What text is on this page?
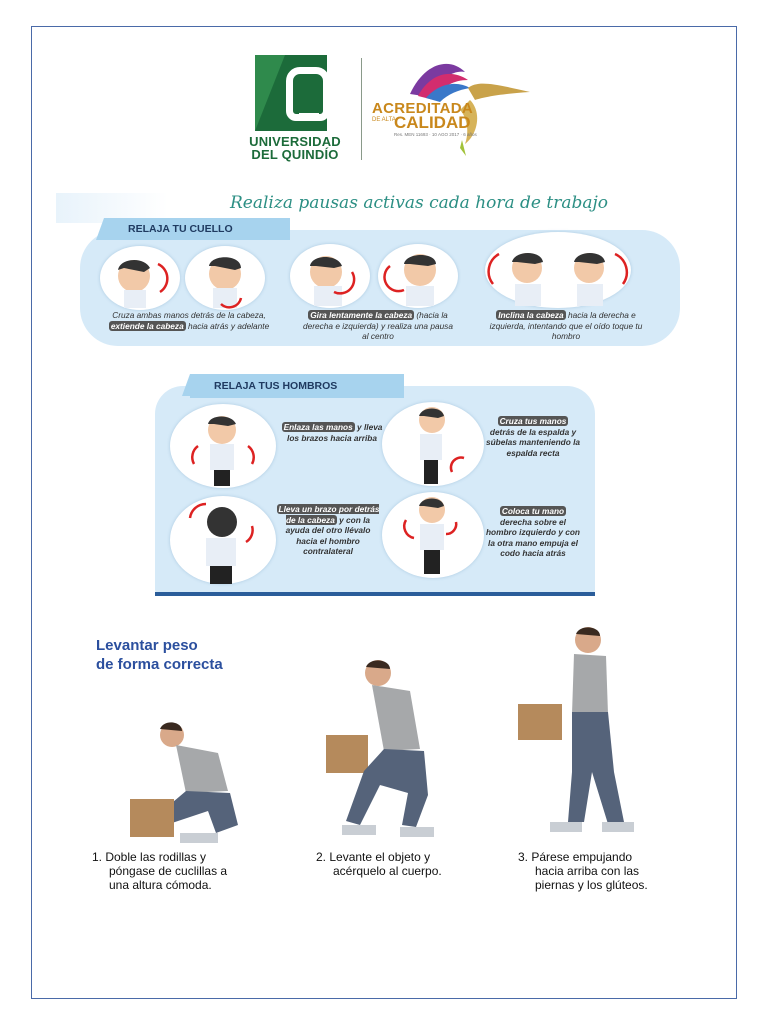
UNIVERSIDAD
DEL QUINDÍO
ACREDITADA
DE ALTA
CALIDAD
Res. MEN 11693 · 10 AGO 2017 · 6 años
Realiza pausas activas cada hora de trabajo
RELAJA TU CUELLO
Cruza ambas manos detrás de la cabeza, extiende la cabeza hacia atrás y adelante
Gira lentamente la cabeza (hacia la derecha e izquierda) y realiza una pausa al centro
Inclina la cabeza hacia la derecha e izquierda, intentando que el oído toque tu hombro
RELAJA TUS HOMBROS
Enlaza las manos y lleva los brazos hacia arriba
Cruza tus manos detrás de la espalda y súbelas manteniendo la espalda recta
Lleva un brazo por detrás de la cabeza y con la ayuda del otro llévalo hacia el hombro contralateral
Coloca tu mano derecha sobre el hombro izquierdo y con la otra mano empuja el codo hacia atrás
Levantar peso
de forma correcta
1. Doble las rodillas y
póngase de cuclillas a
una altura cómoda.
2. Levante el objeto y
acérquelo al cuerpo.
3. Párese empujando
hacia arriba con las
piernas y los glúteos.
